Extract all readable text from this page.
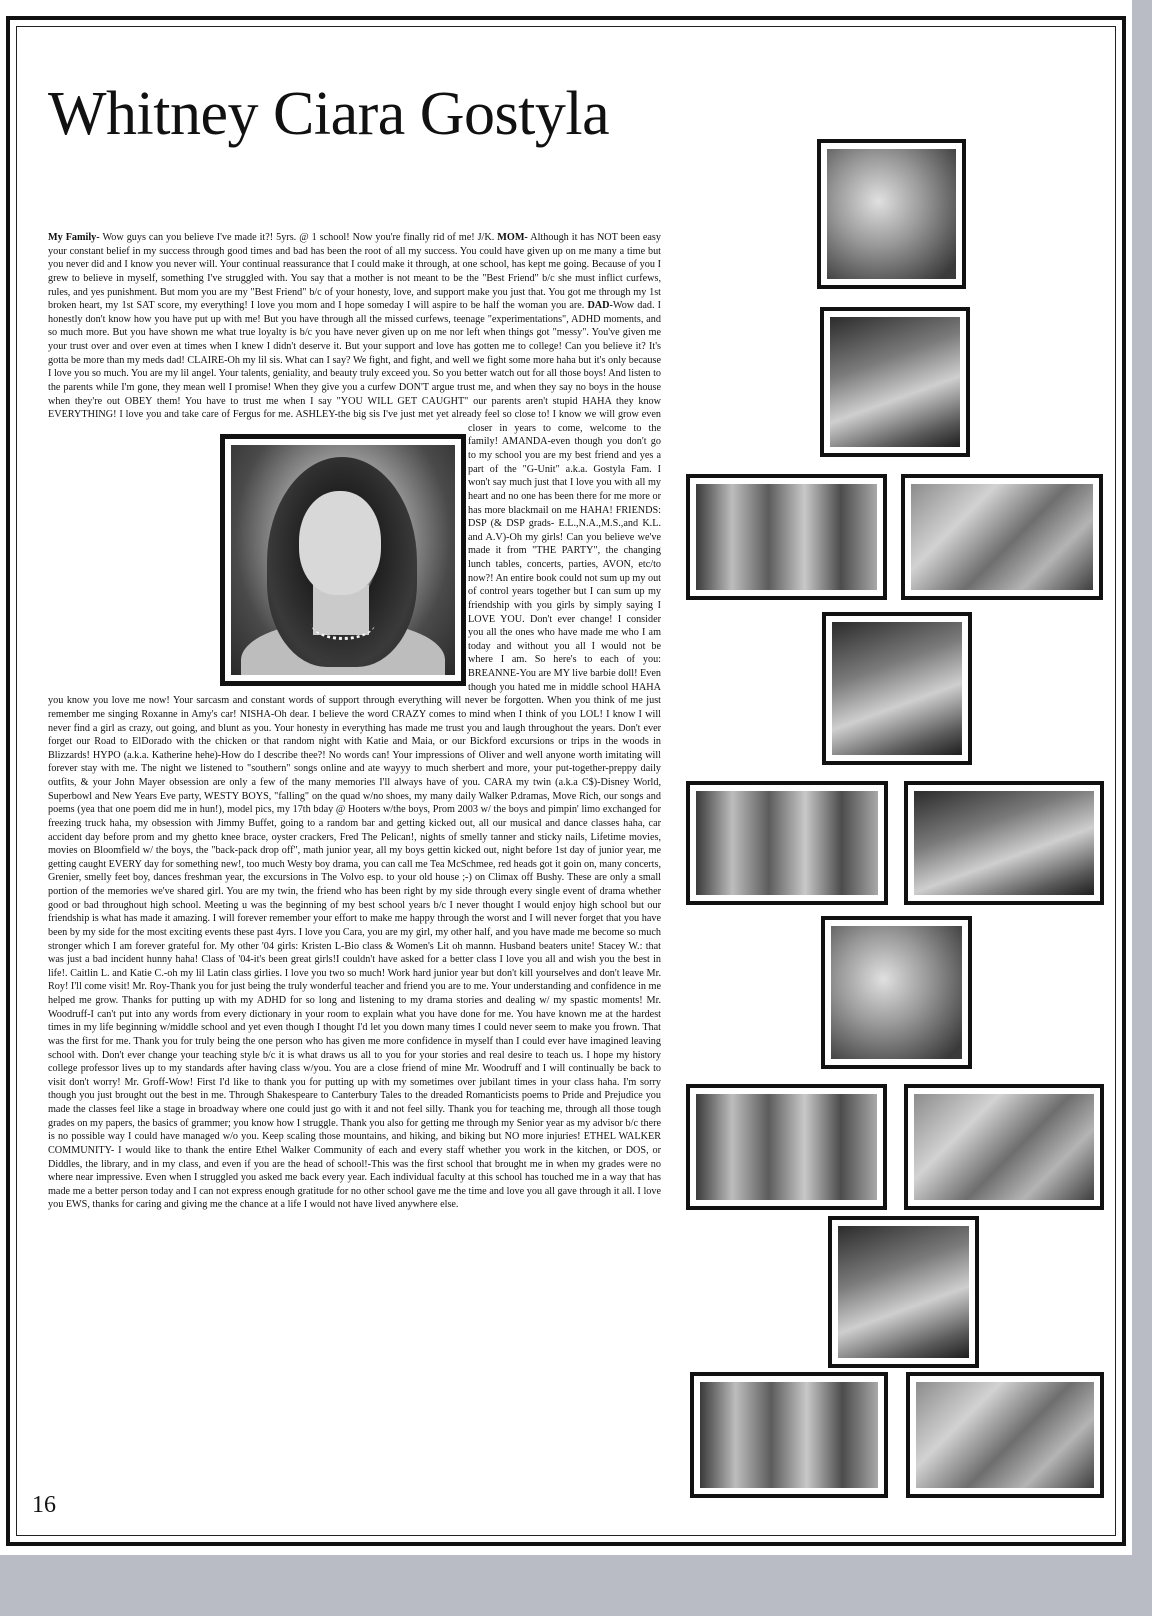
Whitney Ciara Gostyla

My Family- Wow guys can you believe I've made it?! 5yrs. @ 1 school! Now you're finally rid of me! J/K. MOM- Although it has NOT been easy your constant belief in my success through good times and bad has been the root of all my success. You could have given up on me many a time but you never did and I know you never will. Your continual reassurance that I could make it through, at one school, has kept me going. Because of you I grew to believe in myself, something I've struggled with. You say that a mother is not meant to be the "Best Friend" b/c she must inflict curfews, rules, and yes punishment. But mom you are my "Best Friend" b/c of your honesty, love, and support make you just that. You got me through my 1st broken heart, my 1st SAT score, my everything! I love you mom and I hope someday I will aspire to be half the woman you are. DAD-Wow dad. I honestly don't know how you have put up with me! But you have through all the missed curfews, teenage "experimentations", ADHD moments, and so much more. But you have shown me what true loyalty is b/c you have never given up on me nor left when things got "messy". You've given me your trust over and over even at times when I knew I didn't deserve it. But your support and love has gotten me to college! Can you believe it? It's gotta be more than my meds dad! CLAIRE-Oh my lil sis. What can I say? We fight, and fight, and well we fight some more haha but it's only because I love you so much. You are my lil angel. Your talents, geniality, and beauty truly exceed you. So you better watch out for all those boys! And listen to the parents while I'm gone, they mean well I promise! When they give you a curfew DON'T argue trust me, and when they say no boys in the house when they're out OBEY them! You have to trust me when I say "YOU WILL GET CAUGHT" our parents aren't stupid HAHA they know EVERYTHING! I love you and take care of Fergus for me. ASHLEY-the big sis I've just met yet already feel so close to! I know we will grow even closer in years to come, welcome to the family! AMANDA-even though you don't go to my school you are my best friend and yes a part of the "G-Unit" a.k.a. Gostyla Fam. I won't say much just that I love you with all my heart and no one has been there for me more or has more blackmail on me HAHA! FRIENDS: DSP (& DSP grads- E.L.,N.A.,M.S.,and K.L. and A.V)-Oh my girls! Can you believe we've made it from "THE PARTY", the changing lunch tables, concerts, parties, AVON, etc/to now?! An entire book could not sum up my out of control years together but I can sum up my friendship with you girls by simply saying I LOVE YOU. Don't ever change! I consider you all the ones who have made me who I am today and without you all I would not be where I am. So here's to each of you: BREANNE-You are MY live barbie doll! Even though you hated me in middle school HAHA you know you love me now! Your sarcasm and constant words of support through everything will never be forgotten. When you think of me just remember me singing Roxanne in Amy's car! NISHA-Oh dear. I believe the word CRAZY comes to mind when I think of you LOL! I know I will never find a girl as crazy, out going, and blunt as you. Your honesty in everything has made me trust you and laugh throughout the years. Don't ever forget our Road to ElDorado with the chicken or that random night with Katie and Maia, or our Bickford excursions or trips in the woods in Blizzards! HYPO (a.k.a. Katherine hehe)-How do I describe thee?! No words can! Your impressions of Oliver and well anyone worth imitating will forever stay with me. The night we listened to "southern" songs online and ate wayyy to much sherbert and more, your put-together-preppy daily outfits, & your John Mayer obsession are only a few of the many memories I'll always have of you. CARA my twin (a.k.a C$)-Disney World, Superbowl and New Years Eve party, WESTY BOYS, "falling" on the quad w/no shoes, my many daily Walker P.dramas, Move Rich, our songs and poems (yea that one poem did me in hun!), model pics, my 17th bday @ Hooters w/the boys, Prom 2003 w/ the boys and pimpin' limo exchanged for freezing truck haha, my obsession with Jimmy Buffet, going to a random bar and getting kicked out, all our musical and dance classes haha, car accident day before prom and my ghetto knee brace, oyster crackers, Fred The Pelican!, nights of smelly tanner and sticky nails, Lifetime movies, movies on Bloomfield w/ the boys, the "back-pack drop off", math junior year, all my boys gettin kicked out, night before 1st day of junior year, me getting caught EVERY day for something new!, too much Westy boy drama, you can call me Tea McSchmee, red heads got it goin on, many concerts, Grenier, smelly feet boy, dances freshman year, the excursions in The Volvo esp. to your old house ;-) on Climax off Bushy. These are only a small portion of the memories we've shared girl. You are my twin, the friend who has been right by my side through every single event of drama whether good or bad throughout high school. Meeting u was the beginning of my best school years b/c I never thought I would enjoy high school but our friendship is what has made it amazing. I will forever remember your effort to make me happy through the worst and I will never forget that you have been by my side for the most exciting events these past 4yrs. I love you Cara, you are my girl, my other half, and you have made me become so much stronger which I am forever grateful for. My other '04 girls: Kristen L-Bio class & Women's Lit oh mannn. Husband beaters unite! Stacey W.: that was just a bad incident hunny haha! Class of '04-it's been great girls!I couldn't have asked for a better class I love you all and wish you the best in life!. Caitlin L. and Katie C.-oh my lil Latin class girlies. I love you two so much! Work hard junior year but don't kill yourselves and don't leave Mr. Roy! I'll come visit! Mr. Roy-Thank you for just being the truly wonderful teacher and friend you are to me. Your understanding and confidence in me helped me grow. Thanks for putting up with my ADHD for so long and listening to my drama stories and dealing w/ my spastic moments! Mr. Woodruff-I can't put into any words from every dictionary in your room to explain what you have done for me. You have known me at the hardest times in my life beginning w/middle school and yet even though I thought I'd let you down many times I could never seem to make you frown. That was the first for me. Thank you for truly being the one person who has given me more confidence in myself than I could ever have imagined leaving school with. Don't ever change your teaching style b/c it is what draws us all to you for your stories and real desire to teach us. I hope my history college professor lives up to my standards after having class w/you. You are a close friend of mine Mr. Woodruff and I will continually be back to visit don't worry! Mr. Groff-Wow! First I'd like to thank you for putting up with my sometimes over jubilant times in your class haha. I'm sorry though you just brought out the best in me. Through Shakespeare to Canterbury Tales to the dreaded Romanticists poems to Pride and Prejudice you made the classes feel like a stage in broadway where one could just go with it and not feel silly. Thank you for teaching me, through all those tough grades on my papers, the basics of grammer; you know how I struggle. Thank you also for getting me through my Senior year as my advisor b/c there is no possible way I could have managed w/o you. Keep scaling those mountains, and hiking, and biking but NO more injuries! ETHEL WALKER COMMUNITY- I would like to thank the entire Ethel Walker Community of each and every staff whether you work in the kitchen, or DOS, or Diddles, the library, and in my class, and even if you are the head of school!-This was the first school that brought me in when my grades were no where near impressive. Even when I struggled you asked me back every year. Each individual faculty at this school has touched me in a way that has made me a better person today and I can not express enough gratitude for no other school gave me the time and love you all gave through it all. I love you EWS, thanks for caring and giving me the chance at a life I would not have lived anywhere else.

16
